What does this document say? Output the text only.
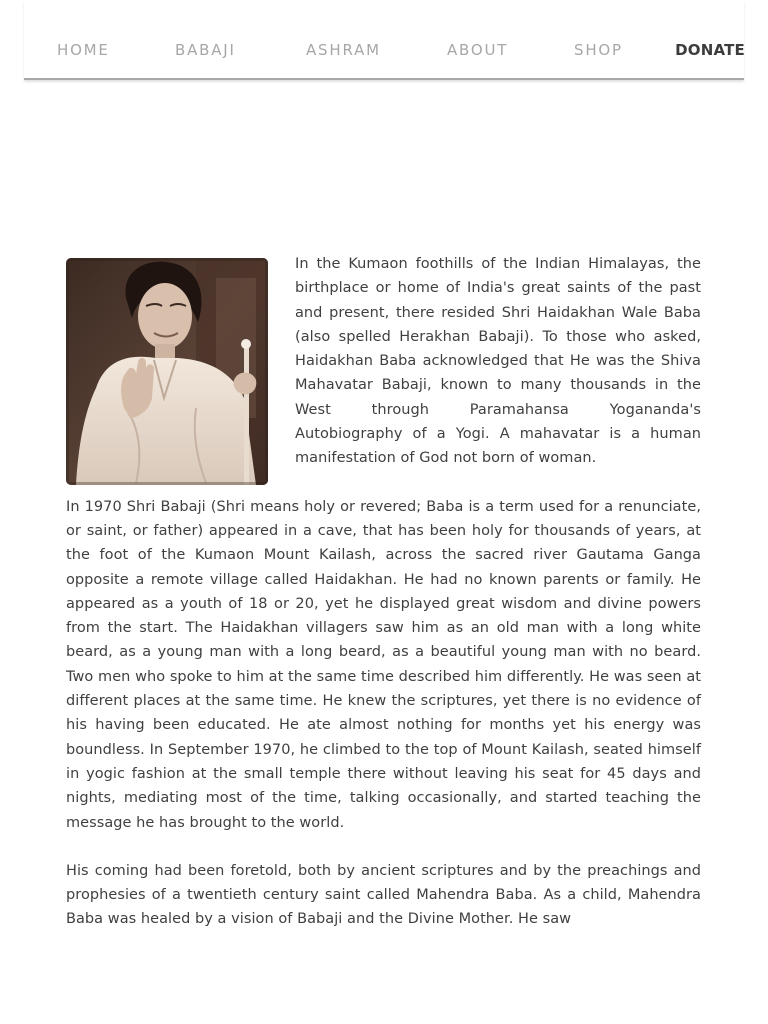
HOME	BABAJI	ASHRAM	ABOUT	SHOP	DONATE

In the Kumaon foothills of the Indian Himalayas, the birthplace or home of India's great saints of the past and present, there resided Shri Haidakhan Wale Baba (also spelled Herakhan Babaji). To those who asked, Haidakhan Baba acknowledged that He was the Shiva Mahavatar Babaji, known to many thousands in the West through Paramahansa Yogananda's Autobiography of a Yogi. A mahavatar is a human manifestation of God not born of woman.

In 1970 Shri Babaji (Shri means holy or revered; Baba is a term used for a renunciate, or saint, or father) appeared in a cave, that has been holy for thousands of years, at the foot of the Kumaon Mount Kailash, across the sacred river Gautama Ganga opposite a remote village called Haidakhan. He had no known parents or family. He appeared as a youth of 18 or 20, yet he displayed great wisdom and divine powers from the start. The Haidakhan villagers saw him as an old man with a long white beard, as a young man with a long beard, as a beautiful young man with no beard. Two men who spoke to him at the same time described him differently. He was seen at different places at the same time. He knew the scriptures, yet there is no evidence of his having been educated. He ate almost nothing for months yet his energy was boundless. In September 1970, he climbed to the top of Mount Kailash, seated himself in yogic fashion at the small temple there without leaving his seat for 45 days and nights, mediating most of the time, talking occasionally, and started teaching the message he has brought to the world.

His coming had been foretold, both by ancient scriptures and by the preachings and prophesies of a twentieth century saint called Mahendra Baba. As a child, Mahendra Baba was healed by a vision of Babaji and the Divine Mother. He saw
